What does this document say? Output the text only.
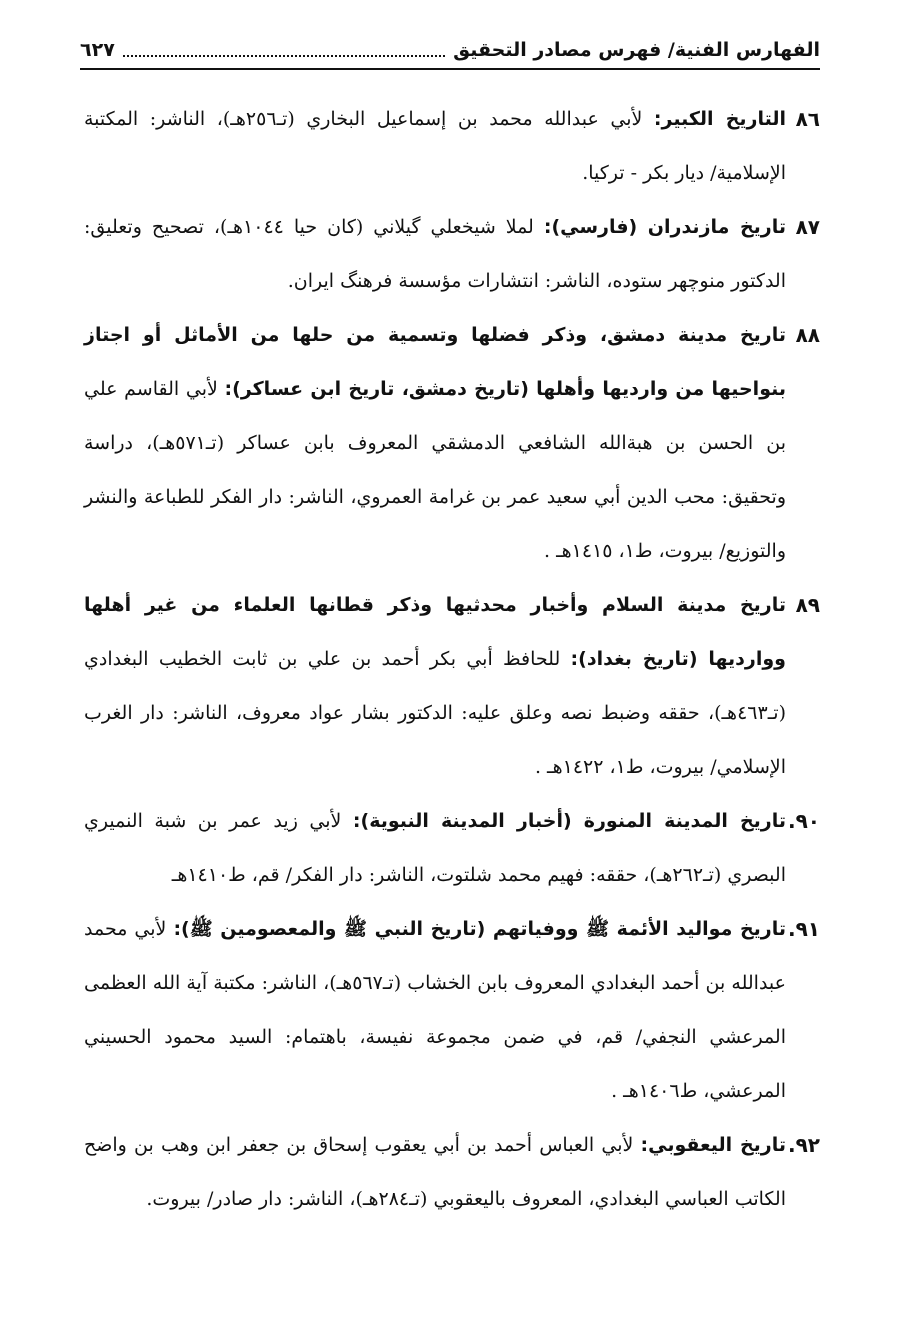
الفهارس الفنية/ فهرس مصادر التحقيق
٦٢٧
٨٦
التاريخ الكبير: لأبي عبدالله محمد بن إسماعيل البخاري (تـ٢٥٦هـ)، الناشر: المكتبة الإسلامية/ ديار بكر - تركيا.
٨٧
تاريخ مازندران (فارسي): لملا شيخعلي گيلاني (كان حيا ١٠٤٤هـ)، تصحيح وتعليق: الدكتور منوچهر ستوده، الناشر: انتشارات مؤسسة فرهنگ ايران.
٨٨
تاريخ مدينة دمشق، وذكر فضلها وتسمية من حلها من الأماثل أو اجتاز بنواحيها من وارديها وأهلها (تاريخ دمشق، تاريخ ابن عساكر): لأبي القاسم علي بن الحسن بن هبةالله الشافعي الدمشقي المعروف بابن عساكر (تـ٥٧١هـ)، دراسة وتحقيق: محب الدين أبي سعيد عمر بن غرامة العمروي، الناشر: دار الفكر للطباعة والنشر والتوزيع/ بيروت، ط١، ١٤١٥هـ .
٨٩
تاريخ مدينة السلام وأخبار محدثيها وذكر قطانها العلماء من غير أهلها ووارديها (تاريخ بغداد): للحافظ أبي بكر أحمد بن علي بن ثابت الخطيب البغدادي (تـ٤٦٣هـ)، حققه وضبط نصه وعلق عليه: الدكتور بشار عواد معروف، الناشر: دار الغرب الإسلامي/ بيروت، ط١، ١٤٢٢هـ .
٩٠.
تاريخ المدينة المنورة (أخبار المدينة النبوية): لأبي زيد عمر بن شبة النميري البصري (تـ٢٦٢هـ)، حققه: فهيم محمد شلتوت، الناشر: دار الفكر/ قم، ط١٤١٠هـ
٩١.
تاريخ مواليد الأئمة ﷺ ووفياتهم (تاريخ النبي ﷺ والمعصومين ﷺ): لأبي محمد عبدالله بن أحمد البغدادي المعروف بابن الخشاب (تـ٥٦٧هـ)، الناشر: مكتبة آية الله العظمى المرعشي النجفي/ قم، في ضمن مجموعة نفيسة، باهتمام: السيد محمود الحسيني المرعشي، ط١٤٠٦هـ .
٩٢.
تاريخ اليعقوبي: لأبي العباس أحمد بن أبي يعقوب إسحاق بن جعفر ابن وهب بن واضح الكاتب العباسي البغدادي، المعروف باليعقوبي (تـ٢٨٤هـ)، الناشر: دار صادر/ بيروت.
